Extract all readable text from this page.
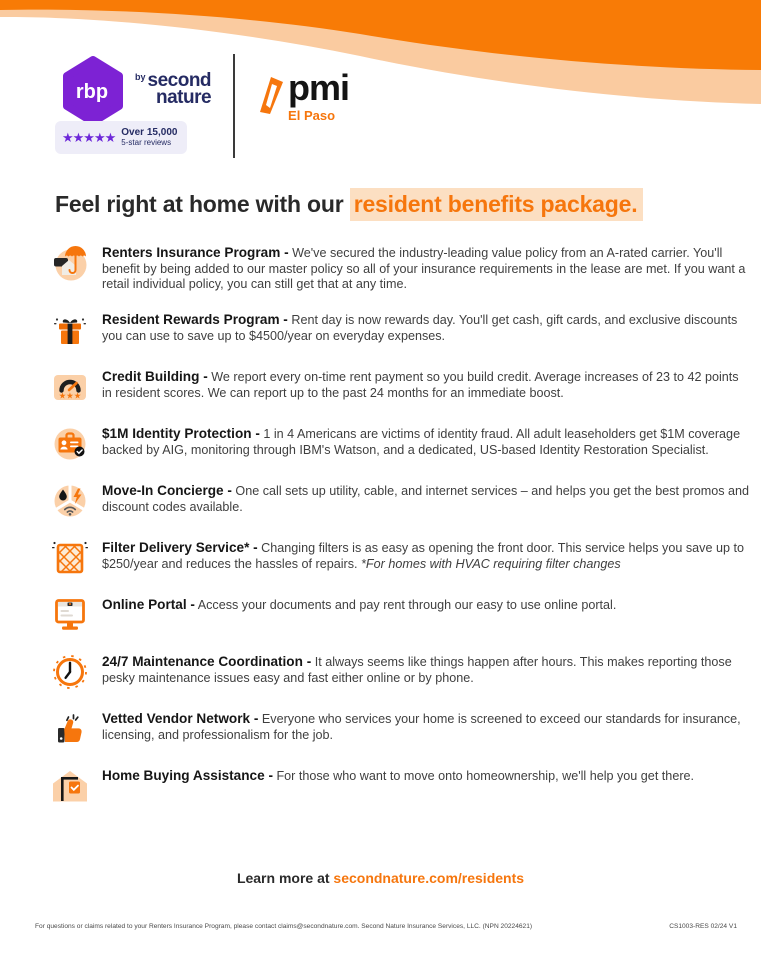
rbp
by second
nature pmi
El Paso
★★★★★ Over 15,000
5-star reviews
Feel right at home with our resident benefits package.

Renters Insurance Program - We've secured the industry-leading value policy from an A-rated carrier. You'll benefit by being added to our master policy so all of your insurance requirements in the lease are met. If you want a retail individual policy, you can still get that at any time.

Resident Rewards Program - Rent day is now rewards day. You'll get cash, gift cards, and exclusive discounts you can use to save up to $4500/year on everyday expenses.

★★★

Credit Building - We report every on-time rent payment so you build credit. Average increases of 23 to 42 points in resident scores. We can report up to the past 24 months for an immediate boost.

$1M Identity Protection - 1 in 4 Americans are victims of identity fraud. All adult leaseholders get $1M coverage backed by AIG, monitoring through IBM's Watson, and a dedicated, US-based Identity Restoration Specialist.

Move-In Concierge - One call sets up utility, cable, and internet services – and helps you get the best promos and discount codes available.

Filter Delivery Service* - Changing filters is as easy as opening the front door. This service helps you save up to $250/year and reduces the hassles of repairs. *For homes with HVAC requiring filter changes

Online Portal - Access your documents and pay rent through our easy to use online portal.

24/7 Maintenance Coordination - It always seems like things happen after hours. This makes reporting those pesky maintenance issues easy and fast either online or by phone.

Vetted Vendor Network - Everyone who services your home is screened to exceed our standards for insurance, licensing, and professionalism for the job.

Home Buying Assistance - For those who want to move onto homeownership, we'll help you get there.

Learn more at secondnature.com/residents
For questions or claims related to your Renters Insurance Program, please contact claims@secondnature.com. Second Nature Insurance Services, LLC. (NPN 20224621)	CS1003-RES 02/24 V1
